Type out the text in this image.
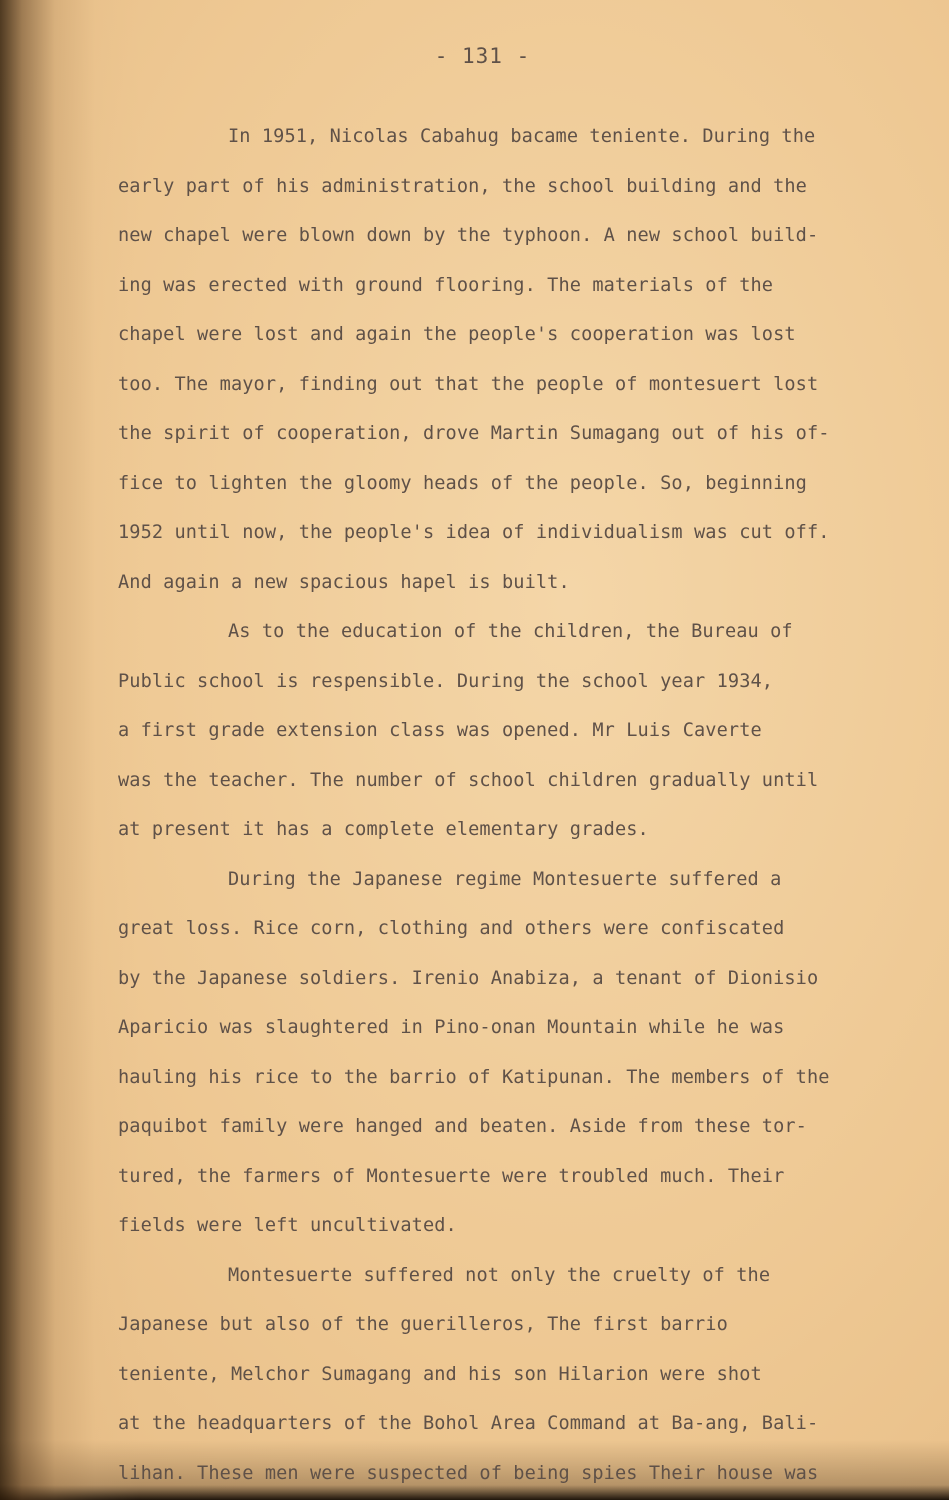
- 131 -

In 1951, Nicolas Cabahug bacame teniente. During the
early part of his administration, the school building and the
new chapel were blown down by the typhoon. A new school build-
ing was erected with ground flooring. The materials of the
chapel were lost and again the people's cooperation was lost
too. The mayor, finding out that the people of montesuert lost
the spirit of cooperation, drove Martin Sumagang out of his of-
fice to lighten the gloomy heads of the people. So, beginning
1952 until now, the people's idea of individualism was cut off.
And again a new spacious hapel is built.
As to the education of the children, the Bureau of
Public school is respensible. During the school year 1934,
a first grade extension class was opened. Mr Luis Caverte
was the teacher. The number of school children gradually until
at present it has a complete elementary grades.
During the Japanese regime Montesuerte suffered a
great loss. Rice corn, clothing and others were confiscated
by the Japanese soldiers. Irenio Anabiza, a tenant of Dionisio
Aparicio was slaughtered in Pino-onan Mountain while he was
hauling his rice to the barrio of Katipunan. The members of the
paquibot family were hanged and beaten. Aside from these tor-
tured, the farmers of Montesuerte were troubled much. Their
fields were left uncultivated.
Montesuerte suffered not only the cruelty of the
Japanese but also of the guerilleros, The first barrio
teniente, Melchor Sumagang and his son Hilarion were shot
at the headquarters of the Bohol Area Command at Ba-ang, Bali-
lihan. These men were suspected of being spies Their house was
